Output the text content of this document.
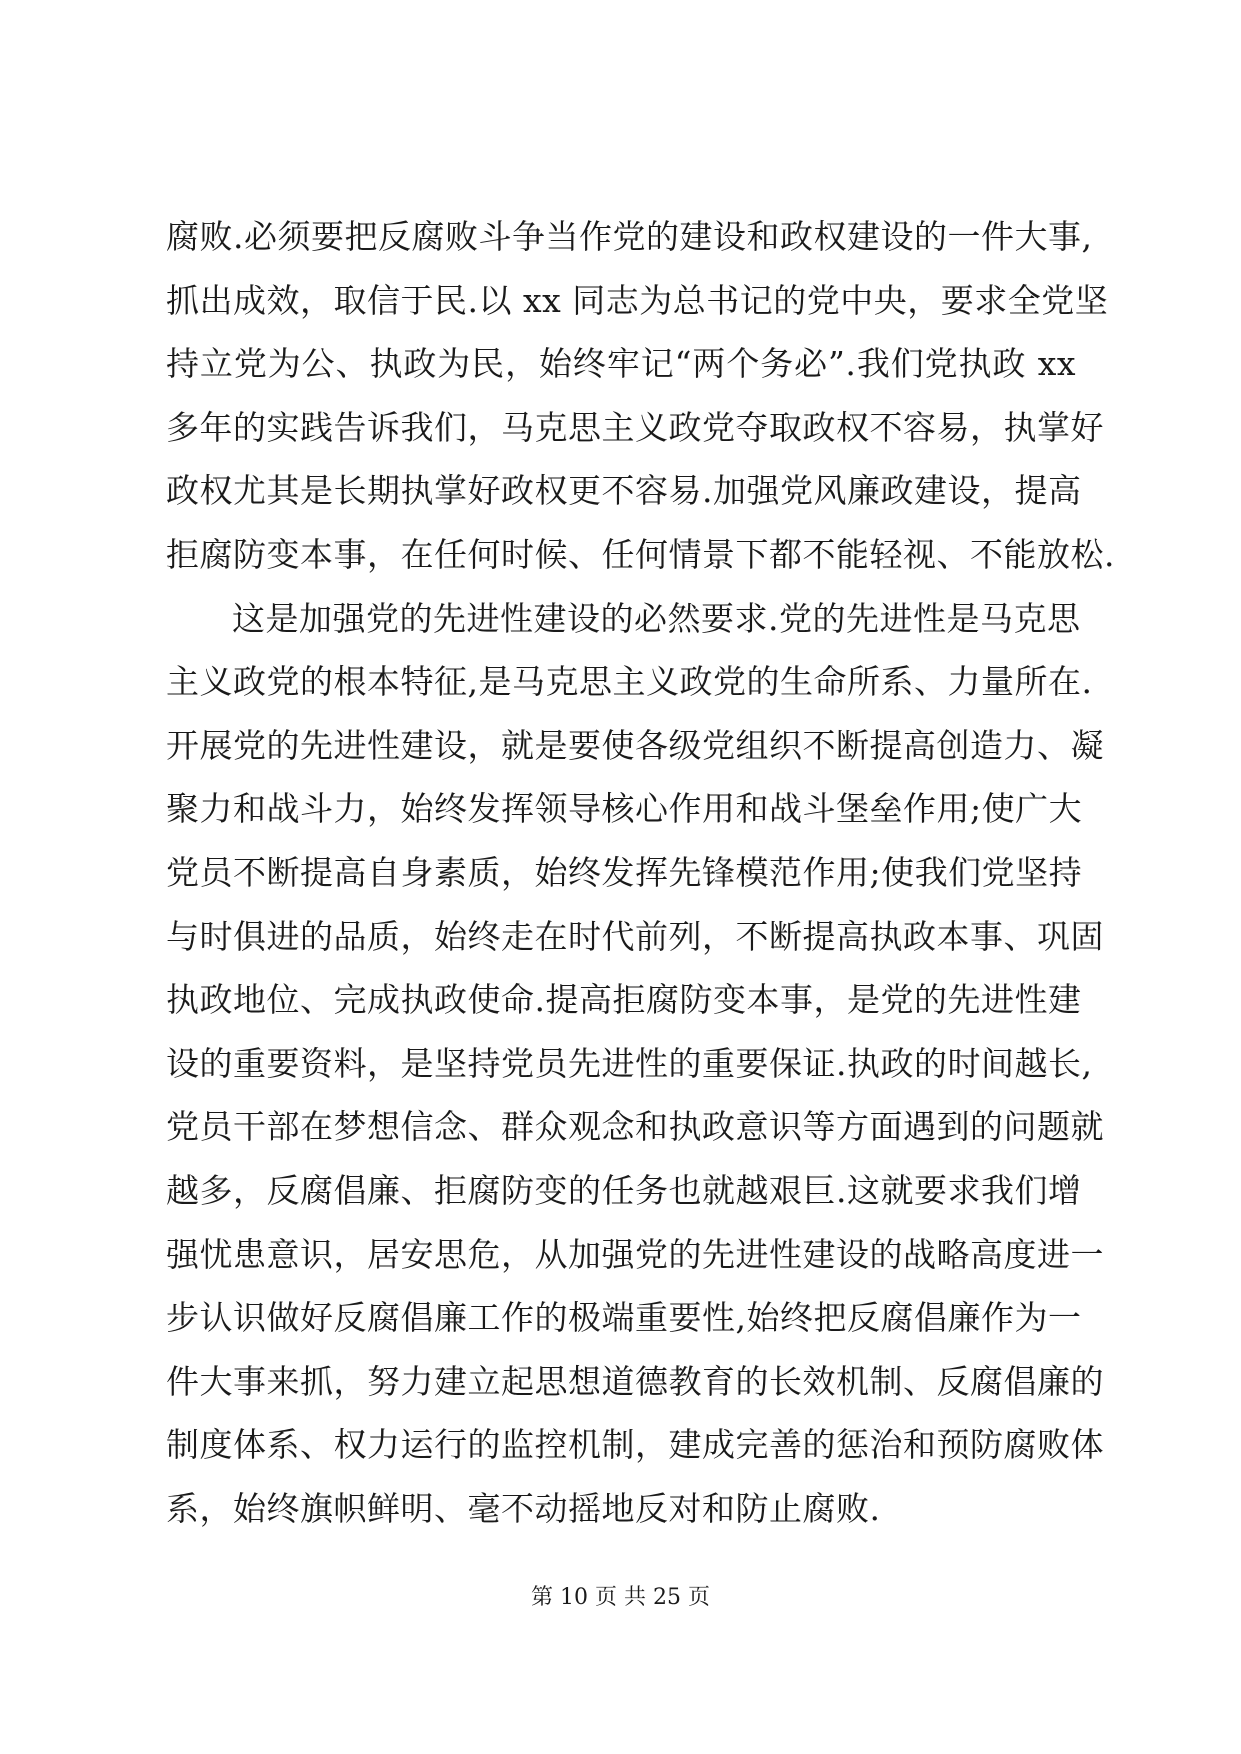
腐败.必须要把反腐败斗争当作党的建设和政权建设的一件大事,
抓出成效，取信于民.以 xx 同志为总书记的党中央，要求全党坚
持立党为公、执政为民，始终牢记“两个务必”.我们党执政 xx
多年的实践告诉我们，马克思主义政党夺取政权不容易，执掌好
政权尤其是长期执掌好政权更不容易.加强党风廉政建设，提高
拒腐防变本事，在任何时候、任何情景下都不能轻视、不能放松.
这是加强党的先进性建设的必然要求.党的先进性是马克思
主义政党的根本特征,是马克思主义政党的生命所系、力量所在.
开展党的先进性建设，就是要使各级党组织不断提高创造力、凝
聚力和战斗力，始终发挥领导核心作用和战斗堡垒作用;使广大
党员不断提高自身素质，始终发挥先锋模范作用;使我们党坚持
与时俱进的品质，始终走在时代前列，不断提高执政本事、巩固
执政地位、完成执政使命.提高拒腐防变本事，是党的先进性建
设的重要资料，是坚持党员先进性的重要保证.执政的时间越长,
党员干部在梦想信念、群众观念和执政意识等方面遇到的问题就
越多，反腐倡廉、拒腐防变的任务也就越艰巨.这就要求我们增
强忧患意识，居安思危，从加强党的先进性建设的战略高度进一
步认识做好反腐倡廉工作的极端重要性,始终把反腐倡廉作为一
件大事来抓，努力建立起思想道德教育的长效机制、反腐倡廉的
制度体系、权力运行的监控机制，建成完善的惩治和预防腐败体
系，始终旗帜鲜明、毫不动摇地反对和防止腐败.
第 10 页 共 25 页
